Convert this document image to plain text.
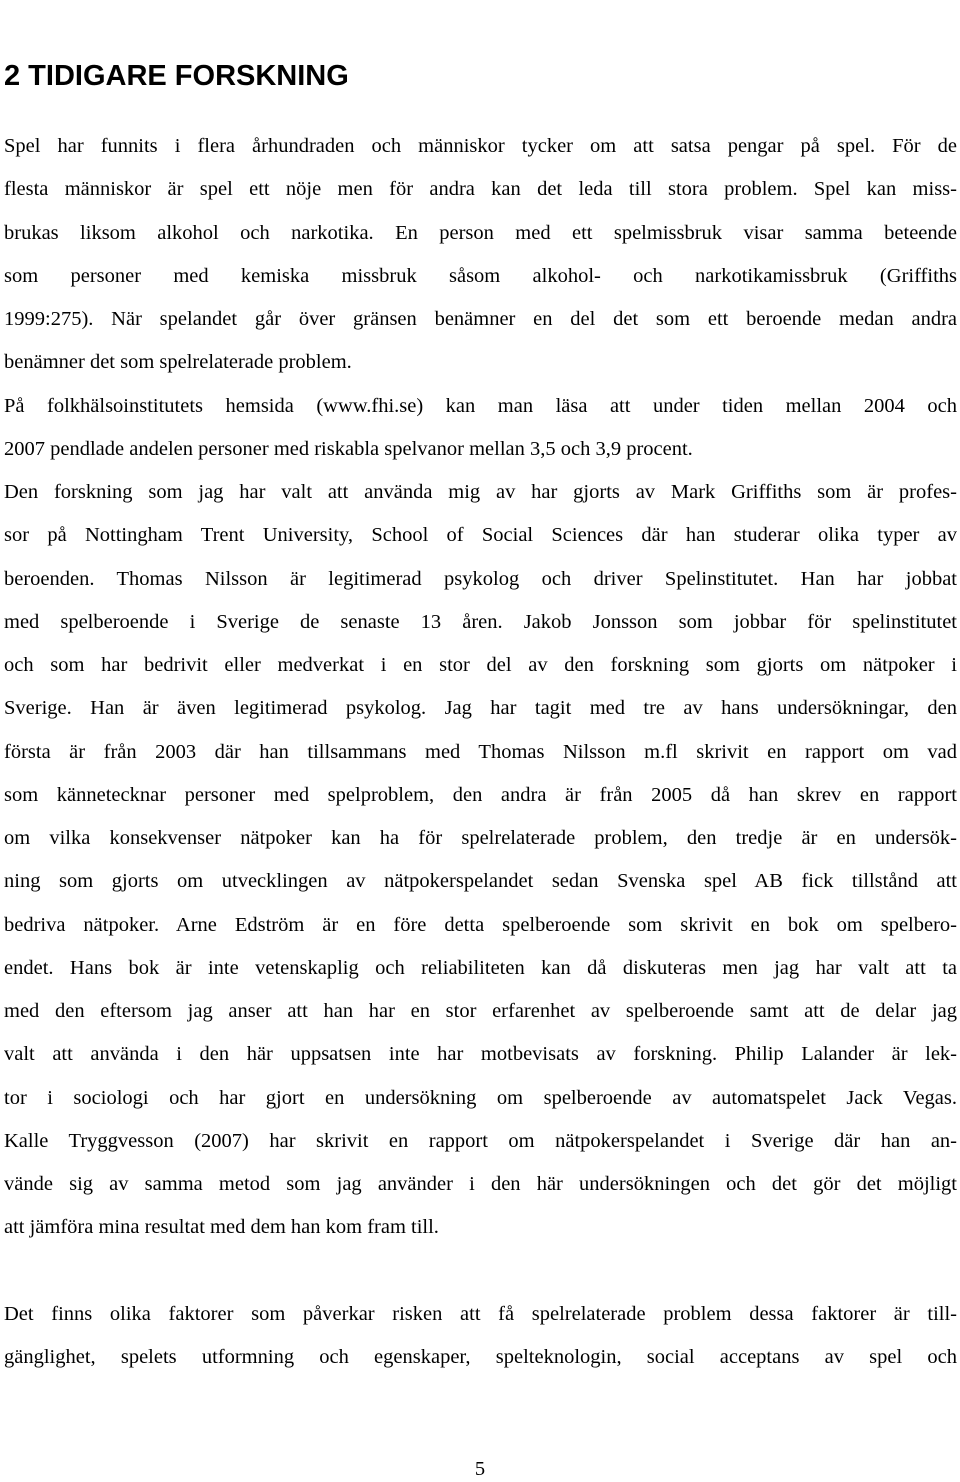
2 TIDIGARE FORSKNING

Spel har funnits i flera århundraden och människor tycker om att satsa pengar på spel. För de

flesta människor är spel ett nöje men för andra kan det leda till stora problem. Spel kan miss-

brukas liksom alkohol och narkotika. En person med ett spelmissbruk visar samma beteende

som personer med kemiska missbruk såsom alkohol- och narkotikamissbruk (Griffiths

1999:275). När spelandet går över gränsen benämner en del det som ett beroende medan andra

benämner det som spelrelaterade problem.

På folkhälsoinstitutets hemsida (www.fhi.se) kan man läsa att under tiden mellan 2004 och

2007 pendlade andelen personer med riskabla spelvanor mellan 3,5 och 3,9 procent.

Den forskning som jag har valt att använda mig av har gjorts av Mark Griffiths som är profes-

sor på Nottingham Trent University, School of Social Sciences där han studerar olika typer av

beroenden. Thomas Nilsson är legitimerad psykolog och driver Spelinstitutet. Han har jobbat

med spelberoende i Sverige de senaste 13 åren. Jakob Jonsson som jobbar för spelinstitutet

och som har bedrivit eller medverkat i en stor del av den forskning som gjorts om nätpoker i

Sverige. Han är även legitimerad psykolog. Jag har tagit med tre av hans undersökningar, den

första är från 2003 där han tillsammans med Thomas Nilsson m.fl skrivit en rapport om vad

som kännetecknar personer med spelproblem, den andra är från 2005 då han skrev en rapport

om vilka konsekvenser nätpoker kan ha för spelrelaterade problem, den tredje är en undersök-

ning som gjorts om utvecklingen av nätpokerspelandet sedan Svenska spel AB fick tillstånd att

bedriva nätpoker. Arne Edström är en före detta spelberoende som skrivit en bok om spelbero-

endet. Hans bok är inte vetenskaplig och reliabiliteten kan då diskuteras men jag har valt att ta

med den eftersom jag anser att han har en stor erfarenhet av spelberoende samt att de delar jag

valt att använda i den här uppsatsen inte har motbevisats av forskning. Philip Lalander är lek-

tor i sociologi och har gjort en undersökning om spelberoende av automatspelet Jack Vegas.

Kalle Tryggvesson (2007) har skrivit en rapport om nätpokerspelandet i Sverige där han an-

vände sig av samma metod som jag använder i den här undersökningen och det gör det möjligt

att jämföra mina resultat med dem han kom fram till.

Det finns olika faktorer som påverkar risken att få spelrelaterade problem dessa faktorer är till-

gänglighet, spelets utformning och egenskaper, spelteknologin, social acceptans av spel och

5
